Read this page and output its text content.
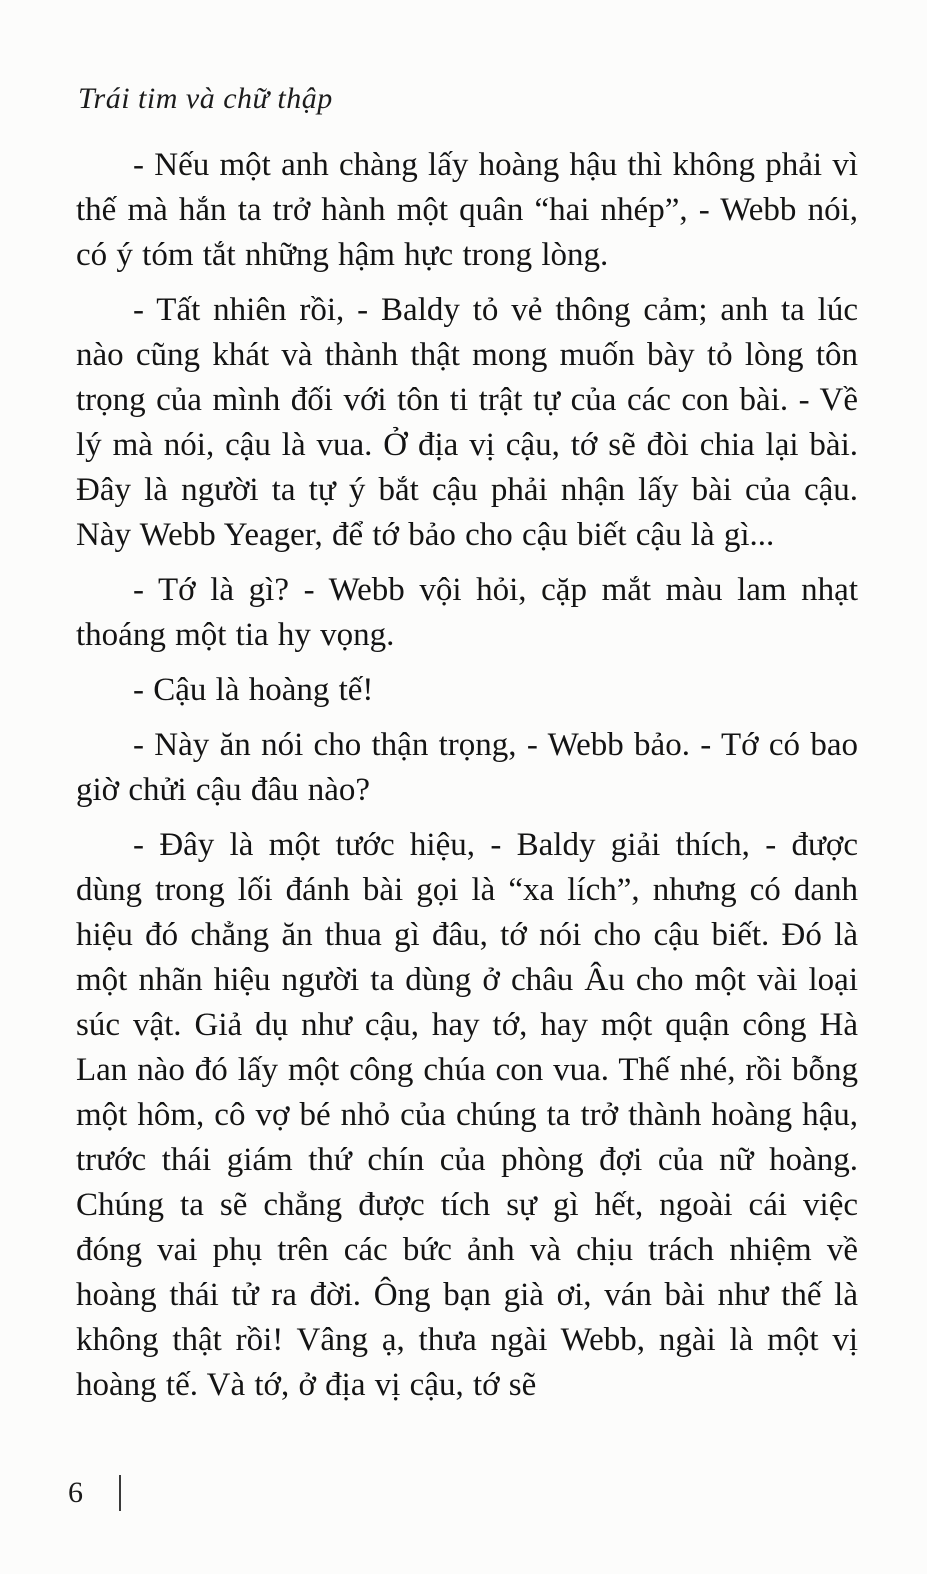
Trái tim và chữ thập

- Nếu một anh chàng lấy hoàng hậu thì không phải vì thế mà hắn ta trở hành một quân “hai nhép”, - Webb nói, có ý tóm tắt những hậm hực trong lòng.

- Tất nhiên rồi, - Baldy tỏ vẻ thông cảm; anh ta lúc nào cũng khát và thành thật mong muốn bày tỏ lòng tôn trọng của mình đối với tôn ti trật tự của các con bài. - Về lý mà nói, cậu là vua. Ở địa vị cậu, tớ sẽ đòi chia lại bài. Đây là người ta tự ý bắt cậu phải nhận lấy bài của cậu. Này Webb Yeager, để tớ bảo cho cậu biết cậu là gì...

- Tớ là gì? - Webb vội hỏi, cặp mắt màu lam nhạt thoáng một tia hy vọng.

- Cậu là hoàng tế!

- Này ăn nói cho thận trọng, - Webb bảo. - Tớ có bao giờ chửi cậu đâu nào?

- Đây là một tước hiệu, - Baldy giải thích, - được dùng trong lối đánh bài gọi là “xa lích”, nhưng có danh hiệu đó chẳng ăn thua gì đâu, tớ nói cho cậu biết. Đó là một nhãn hiệu người ta dùng ở châu Âu cho một vài loại súc vật. Giả dụ như cậu, hay tớ, hay một quận công Hà Lan nào đó lấy một công chúa con vua. Thế nhé, rồi bỗng một hôm, cô vợ bé nhỏ của chúng ta trở thành hoàng hậu, trước thái giám thứ chín của phòng đợi của nữ hoàng. Chúng ta sẽ chẳng được tích sự gì hết, ngoài cái việc đóng vai phụ trên các bức ảnh và chịu trách nhiệm về hoàng thái tử ra đời. Ông bạn già ơi, ván bài như thế là không thật rồi! Vâng ạ, thưa ngài Webb, ngài là một vị hoàng tế. Và tớ, ở địa vị cậu, tớ sẽ

6
